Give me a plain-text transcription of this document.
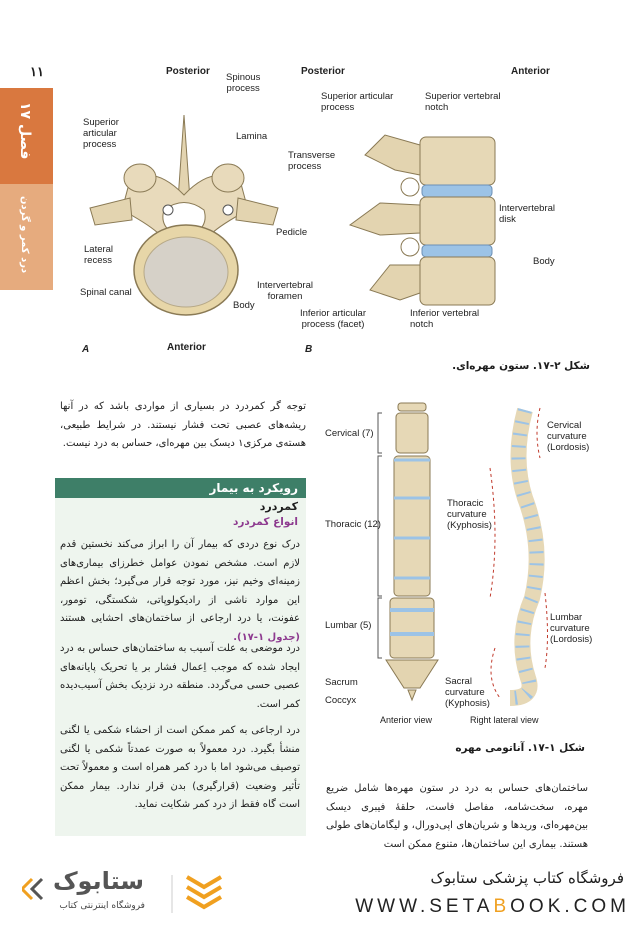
۱۱
فصل ۱۷
درد کمر و گردن
Posterior
Spinous
process
Lamina
Superior
articular
process
Lateral
recess
Spinal canal
Pedicle
Body
Anterior
A
Posterior	Anterior
Superior articular
process
Superior vertebral
notch
Transverse
process
Intervertebral
disk
Body
Intervertebral
foramen
Inferior articular
process (facet)
Inferior vertebral
notch
B
شکل ۲-۱۷. ستون مهره‌ای.
توجه گر کمردرد در بسیاری از مواردی باشد که در آنها ریشه‌های عصبی تحت فشار نیستند. در شرایط طبیعی، هسته‌ی مرکزی۱ دیسک بین مهره‌ای، حساس به درد نیست.
رویکرد به بیمار
کمردرد
انواع کمردرد
درک نوع دردی که بیمار آن را ابراز می‌کند نخستین قدم لازم است. مشخص نمودن عوامل خطرزای بیماری‌های زمینه‌ای وخیم نیز، مورد توجه قرار می‌گیرد؛ بخش اعظم این موارد ناشی از رادیکولوپاتی، شکستگی، تومور، عفونت، یا درد ارجاعی از ساختمان‌های احشایی هستند (جدول ۱-۱۷).
درد موضعی به علت آسیب به ساختمان‌های حساس به درد ایجاد شده که موجب اِعمال فشار بر یا تحریک پایانه‌های عصبی حسی می‌گردد. منطقه درد نزدیک بخش آسیب‌دیده کمر است.
درد ارجاعی به کمر ممکن است از احشاء شکمی یا لگنی منشأ بگیرد. درد معمولاً به صورت عمدتاً شکمی یا لگنی توصیف می‌شود اما با درد کمر همراه است و معمولاً تحت تأثیر وضعیت (قرارگیری) بدن قرار ندارد. بیمار ممکن است گاه فقط از درد کمر شکایت نماید.
Cervical (7)
Thoracic (12)
Lumbar (5)
Sacrum
Coccyx
Anterior view	Right lateral view
Cervical
curvature
(Lordosis)
Thoracic
curvature
(Kyphosis)
Lumbar
curvature
(Lordosis)
Sacral
curvature
(Kyphosis)
شکل ۱-۱۷. آناتومی مهره
ساختمان‌های حساس به درد در ستون مهره‌ها شامل ضریع مهره، سخت‌شامه، مفاصل فاست، حلقهٔ فیبری دیسک بین‌مهره‌ای، وریدها و شریان‌های اپی‌دورال، و لیگامان‌های طولی هستند. بیماری این ساختمان‌ها، متنوع ممکن است
ستابوک
فروشگاه اینترنتی کتاب
فروشگاه کتاب پزشکی ستابوک
WWW.SETABOOK.COM
